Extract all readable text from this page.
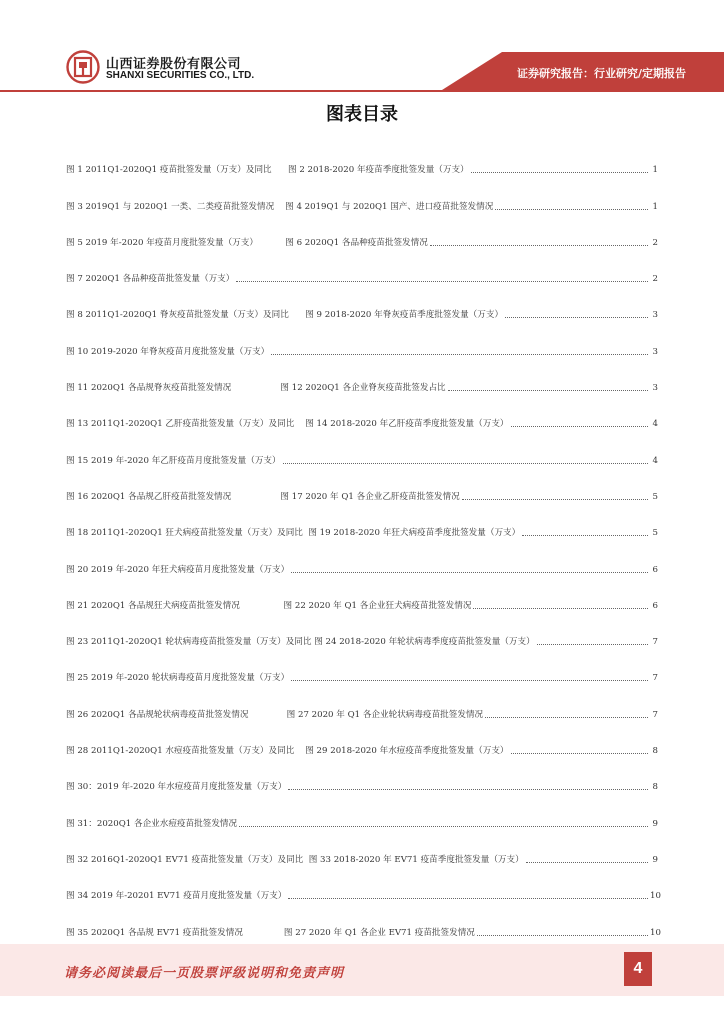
山西证券股份有限公司
SHANXI SECURITIES CO., LTD.	证券研究报告：行业研究/定期报告
图表目录
图 1 2011Q1-2020Q1 疫苗批签发量（万支）及同比      图 2 2018-2020 年疫苗季度批签发量（万支）	1
图 3 2019Q1 与 2020Q1 一类、二类疫苗批签发情况    图 4 2019Q1 与 2020Q1 国产、进口疫苗批签发情况	1
图 5 2019 年-2020 年疫苗月度批签发量（万支）          图 6 2020Q1 各品种疫苗批签发情况	2
图 7 2020Q1 各品种疫苗批签发量（万支）	2
图 8 2011Q1-2020Q1 脊灰疫苗批签发量（万支）及同比      图 9 2018-2020 年脊灰疫苗季度批签发量（万支）	3
图 10 2019-2020 年脊灰疫苗月度批签发量（万支）	3
图 11 2020Q1 各品规脊灰疫苗批签发情况                  图 12 2020Q1 各企业脊灰疫苗批签发占比	3
图 13 2011Q1-2020Q1 乙肝疫苗批签发量（万支）及同比    图 14 2018-2020 年乙肝疫苗季度批签发量（万支）	4
图 15 2019 年-2020 年乙肝疫苗月度批签发量（万支）	4
图 16 2020Q1 各品规乙肝疫苗批签发情况                  图 17 2020 年 Q1 各企业乙肝疫苗批签发情况	5
图 18 2011Q1-2020Q1 狂犬病疫苗批签发量（万支）及同比  图 19 2018-2020 年狂犬病疫苗季度批签发量（万支）	5
图 20 2019 年-2020 年狂犬病疫苗月度批签发量（万支）	6
图 21 2020Q1 各品规狂犬病疫苗批签发情况                图 22 2020 年 Q1 各企业狂犬病疫苗批签发情况	6
图 23 2011Q1-2020Q1 轮状病毒疫苗批签发量（万支）及同比 图 24 2018-2020 年轮状病毒季度疫苗批签发量（万支）	7
图 25 2019 年-2020 轮状病毒疫苗月度批签发量（万支）	7
图 26 2020Q1 各品规轮状病毒疫苗批签发情况              图 27 2020 年 Q1 各企业轮状病毒疫苗批签发情况	7
图 28 2011Q1-2020Q1 水痘疫苗批签发量（万支）及同比    图 29 2018-2020 年水痘疫苗季度批签发量（万支）	8
图 30：2019 年-2020 年水痘疫苗月度批签发量（万支）	8
图 31：2020Q1 各企业水痘疫苗批签发情况	9
图 32 2016Q1-2020Q1 EV71 疫苗批签发量（万支）及同比  图 33 2018-2020 年 EV71 疫苗季度批签发量（万支）	9
图 34 2019 年-20201 EV71 疫苗月度批签发量（万支）	10
图 35 2020Q1 各品规 EV71 疫苗批签发情况               图 27 2020 年 Q1 各企业 EV71 疫苗批签发情况	10
请务必阅读最后一页股票评级说明和免责声明	4
